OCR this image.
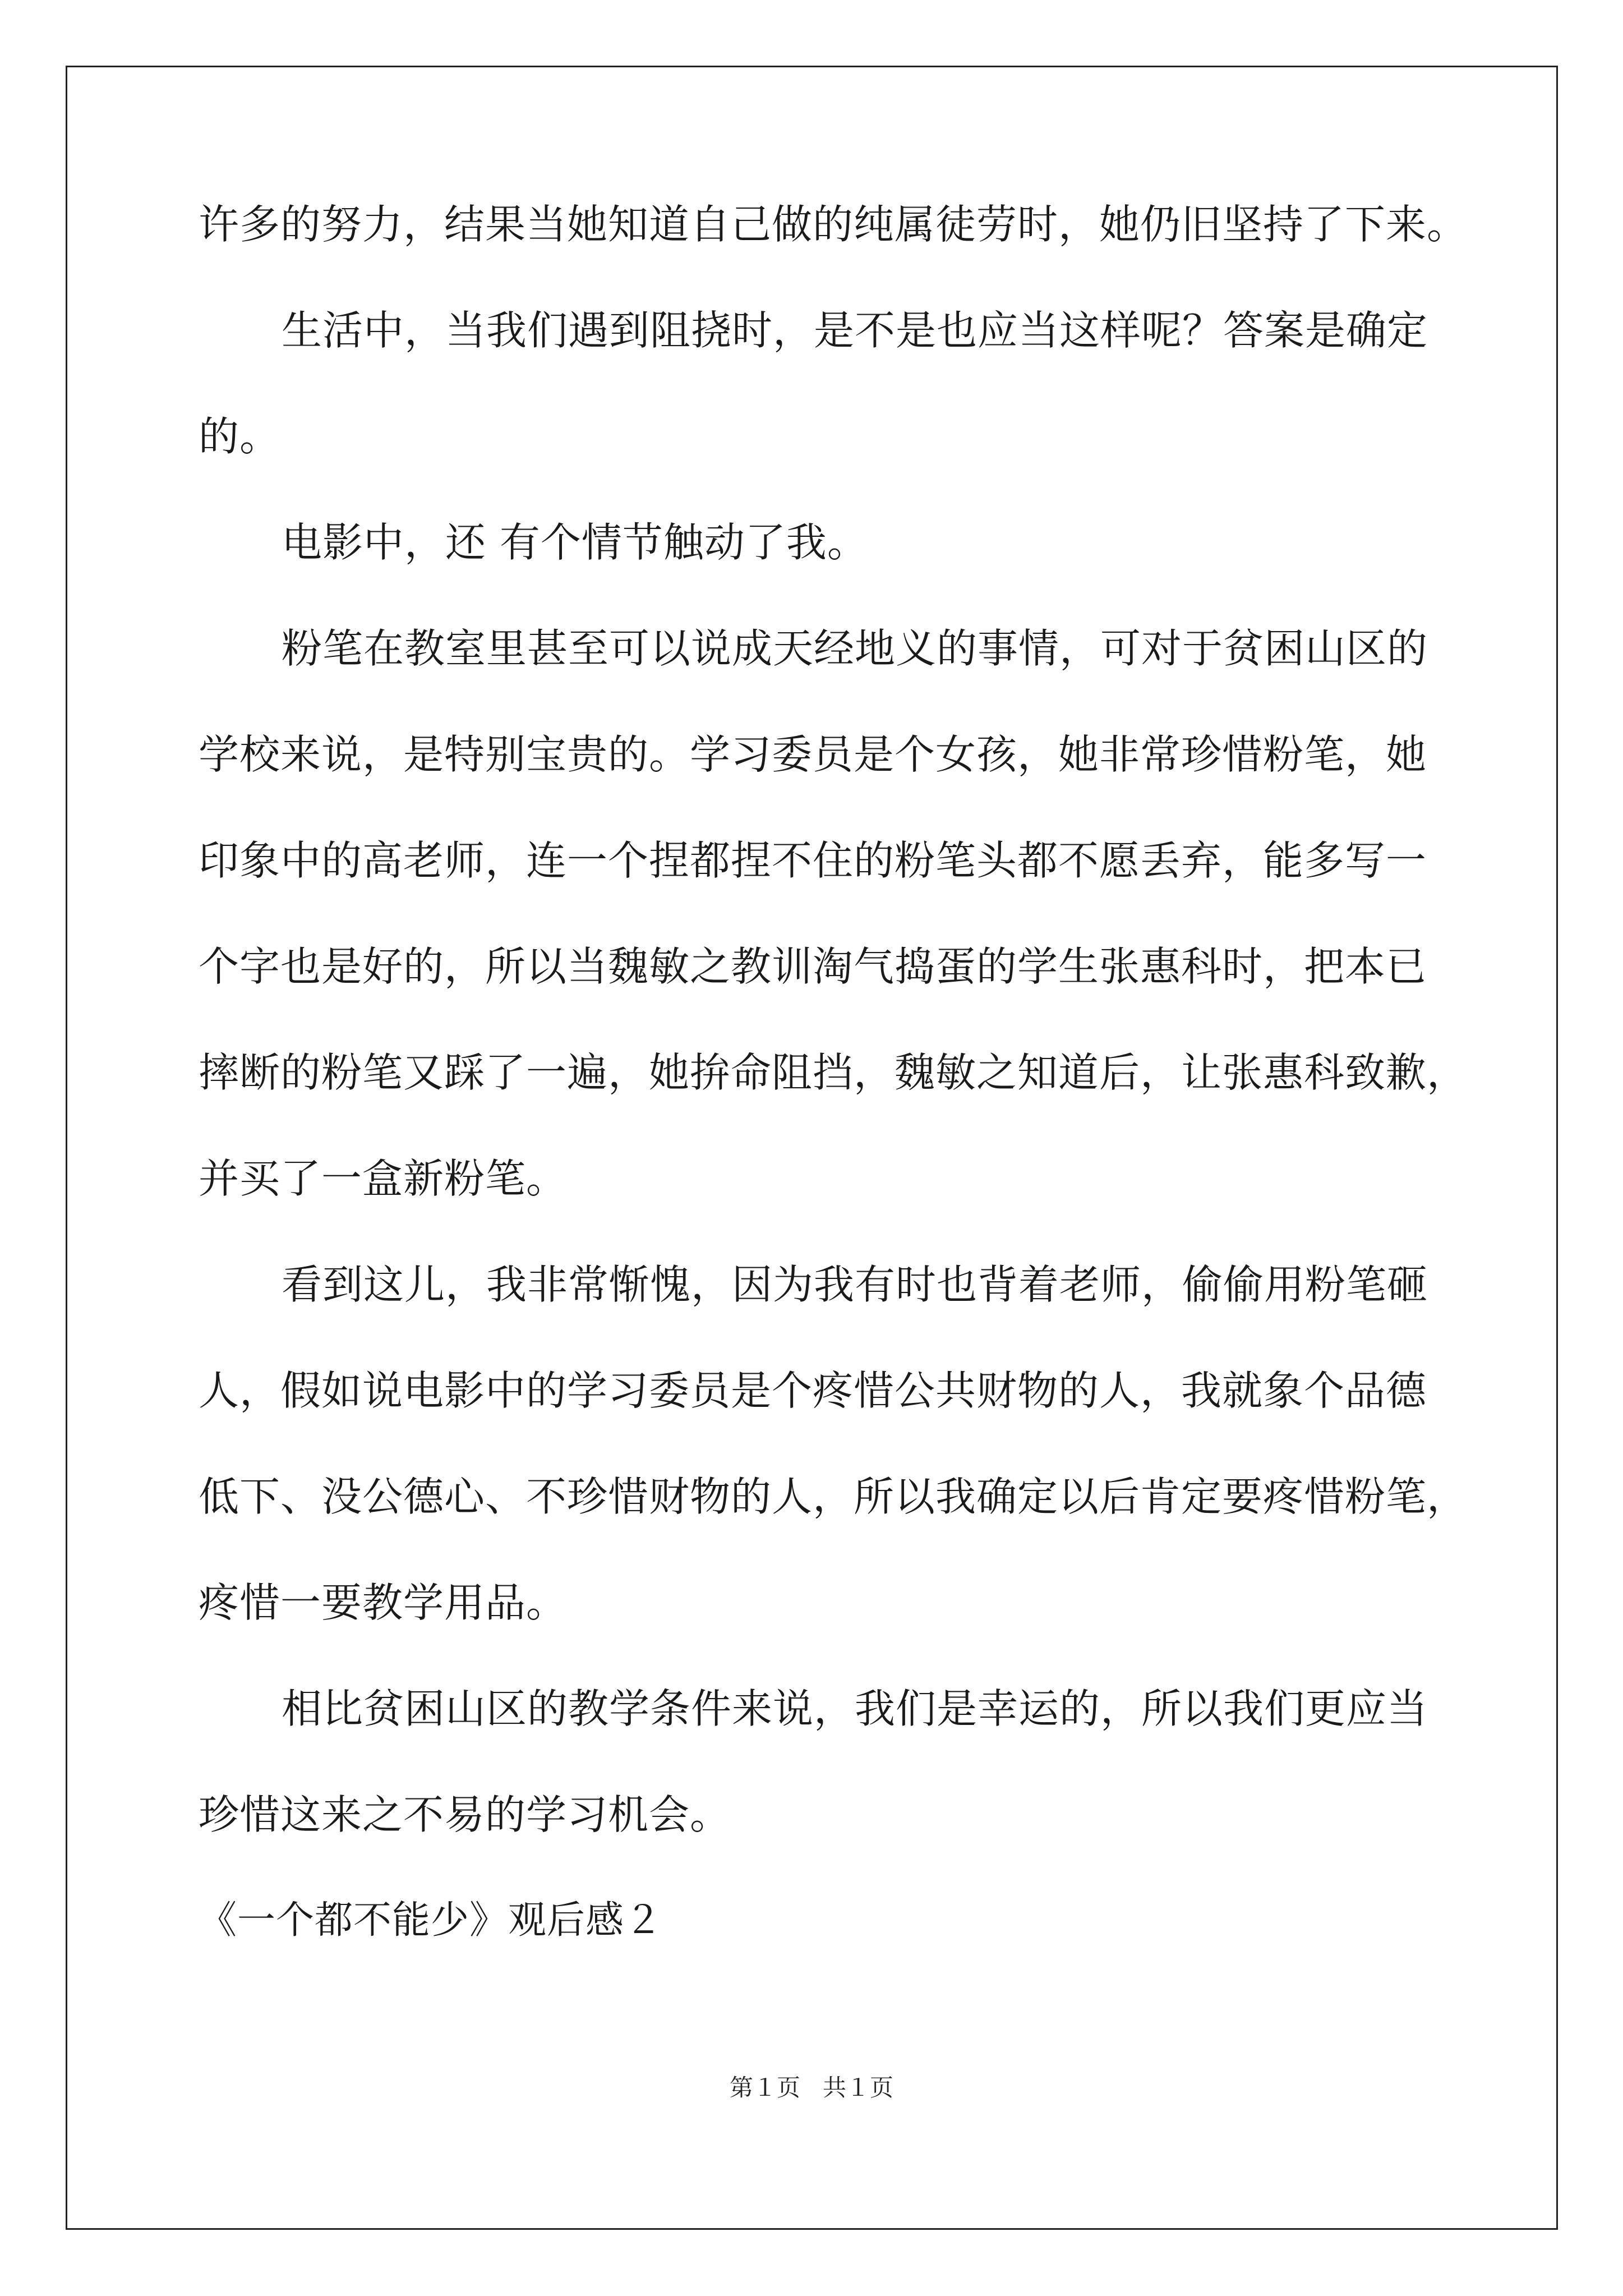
许多的努力，结果当她知道自己做的纯属徒劳时，她仍旧坚持了下来。
生活中，当我们遇到阻挠时，是不是也应当这样呢？答案是确定
的。
电影中，还 有个情节触动了我。
粉笔在教室里甚至可以说成天经地义的事情，可对于贫困山区的
学校来说，是特别宝贵的。学习委员是个女孩，她非常珍惜粉笔，她
印象中的高老师，连一个捏都捏不住的粉笔头都不愿丢弃，能多写一
个字也是好的，所以当魏敏之教训淘气捣蛋的学生张惠科时，把本已
摔断的粉笔又踩了一遍，她拚命阻挡，魏敏之知道后，让张惠科致歉，
并买了一盒新粉笔。
看到这儿，我非常惭愧，因为我有时也背着老师，偷偷用粉笔砸
人，假如说电影中的学习委员是个疼惜公共财物的人，我就象个品德
低下、没公德心、不珍惜财物的人，所以我确定以后肯定要疼惜粉笔，
疼惜一要教学用品。
相比贫困山区的教学条件来说，我们是幸运的，所以我们更应当
珍惜这来之不易的学习机会。
《一个都不能少》观后感２
第１页 共１页
